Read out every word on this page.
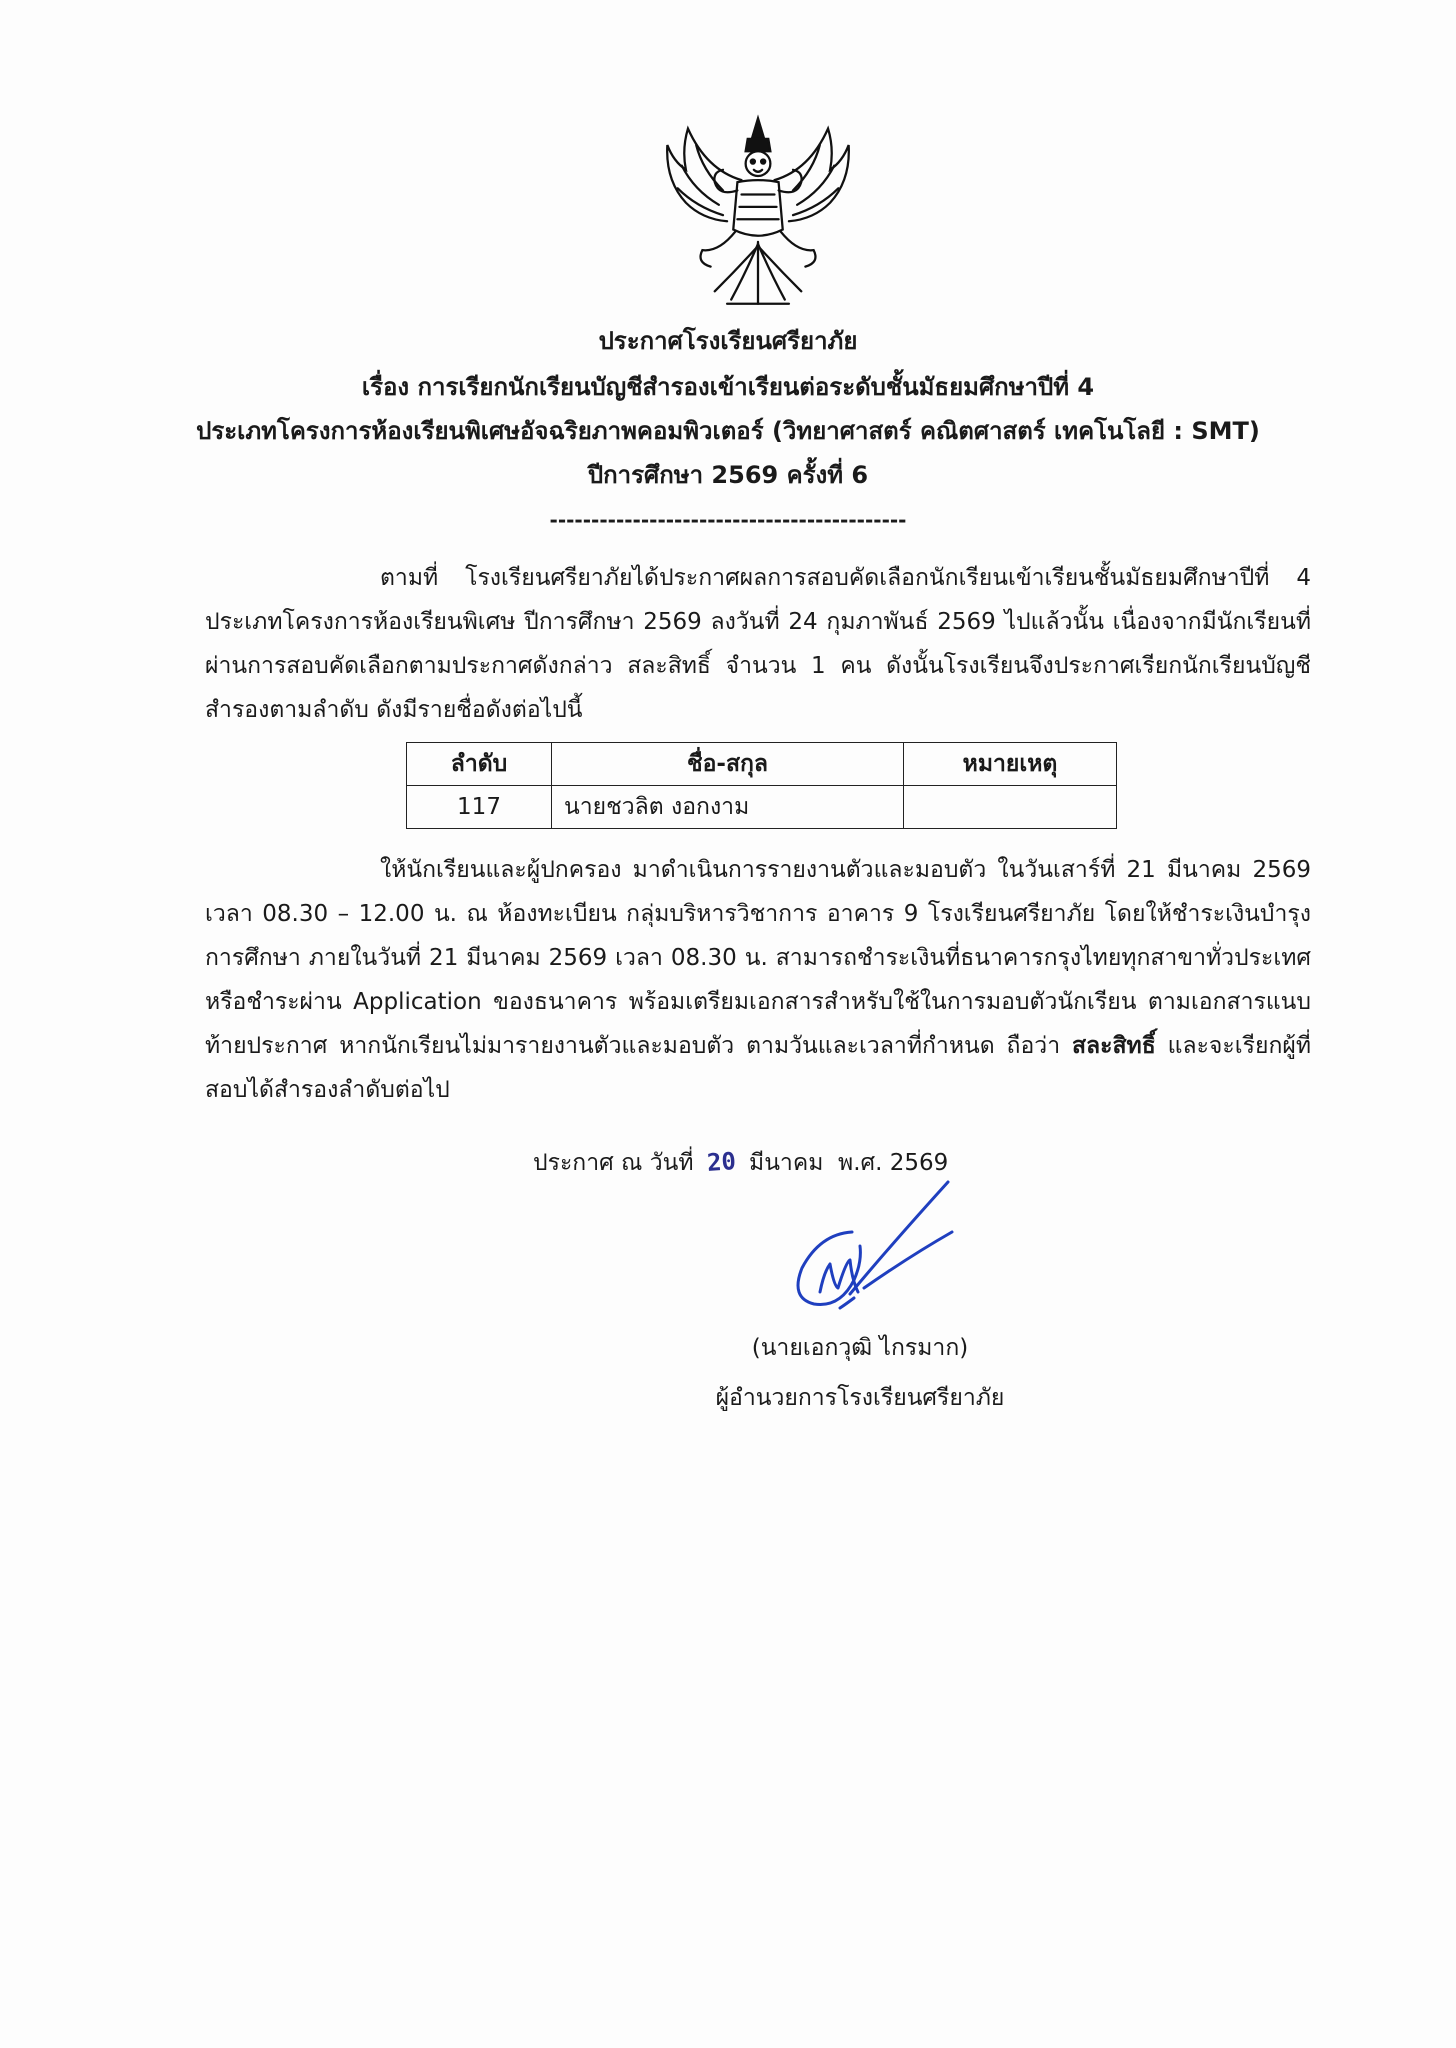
ประกาศโรงเรียนศรียาภัย
เรื่อง การเรียกนักเรียนบัญชีสำรองเข้าเรียนต่อระดับชั้นมัธยมศึกษาปีที่ 4
ประเภทโครงการห้องเรียนพิเศษอัจฉริยภาพคอมพิวเตอร์ (วิทยาศาสตร์ คณิตศาสตร์ เทคโนโลยี : SMT)
ปีการศึกษา 2569 ครั้งที่ 6
-------------------------------------------

ตามที่ โรงเรียนศรียาภัยได้ประกาศผลการสอบคัดเลือกนักเรียนเข้าเรียนชั้นมัธยมศึกษาปีที่ 4 ประเภทโครงการห้องเรียนพิเศษ ปีการศึกษา 2569 ลงวันที่ 24 กุมภาพันธ์ 2569 ไปแล้วนั้น เนื่องจากมีนักเรียนที่ผ่านการสอบคัดเลือกตามประกาศดังกล่าว สละสิทธิ์ จำนวน 1 คน ดังนั้นโรงเรียนจึงประกาศเรียกนักเรียนบัญชีสำรองตามลำดับ ดังมีรายชื่อดังต่อไปนี้

ลำดับ	ชื่อ-สกุล	หมายเหตุ
117	นายชวลิต งอกงาม	

ให้นักเรียนและผู้ปกครอง มาดำเนินการรายงานตัวและมอบตัว ในวันเสาร์ที่ 21 มีนาคม 2569 เวลา 08.30 – 12.00 น. ณ ห้องทะเบียน กลุ่มบริหารวิชาการ อาคาร 9 โรงเรียนศรียาภัย โดยให้ชำระเงินบำรุงการศึกษา ภายในวันที่ 21 มีนาคม 2569 เวลา 08.30 น. สามารถชำระเงินที่ธนาคารกรุงไทยทุกสาขาทั่วประเทศ หรือชำระผ่าน Application ของธนาคาร พร้อมเตรียมเอกสารสำหรับใช้ในการมอบตัวนักเรียน ตามเอกสารแนบท้ายประกาศ หากนักเรียนไม่มารายงานตัวและมอบตัว ตามวันและเวลาที่กำหนด ถือว่า สละสิทธิ์ และจะเรียกผู้ที่สอบได้สำรองลำดับต่อไป

ประกาศ ณ วันที่ 20 มีนาคม พ.ศ. 2569
(นายเอกวุฒิ ไกรมาก)
ผู้อำนวยการโรงเรียนศรียาภัย
